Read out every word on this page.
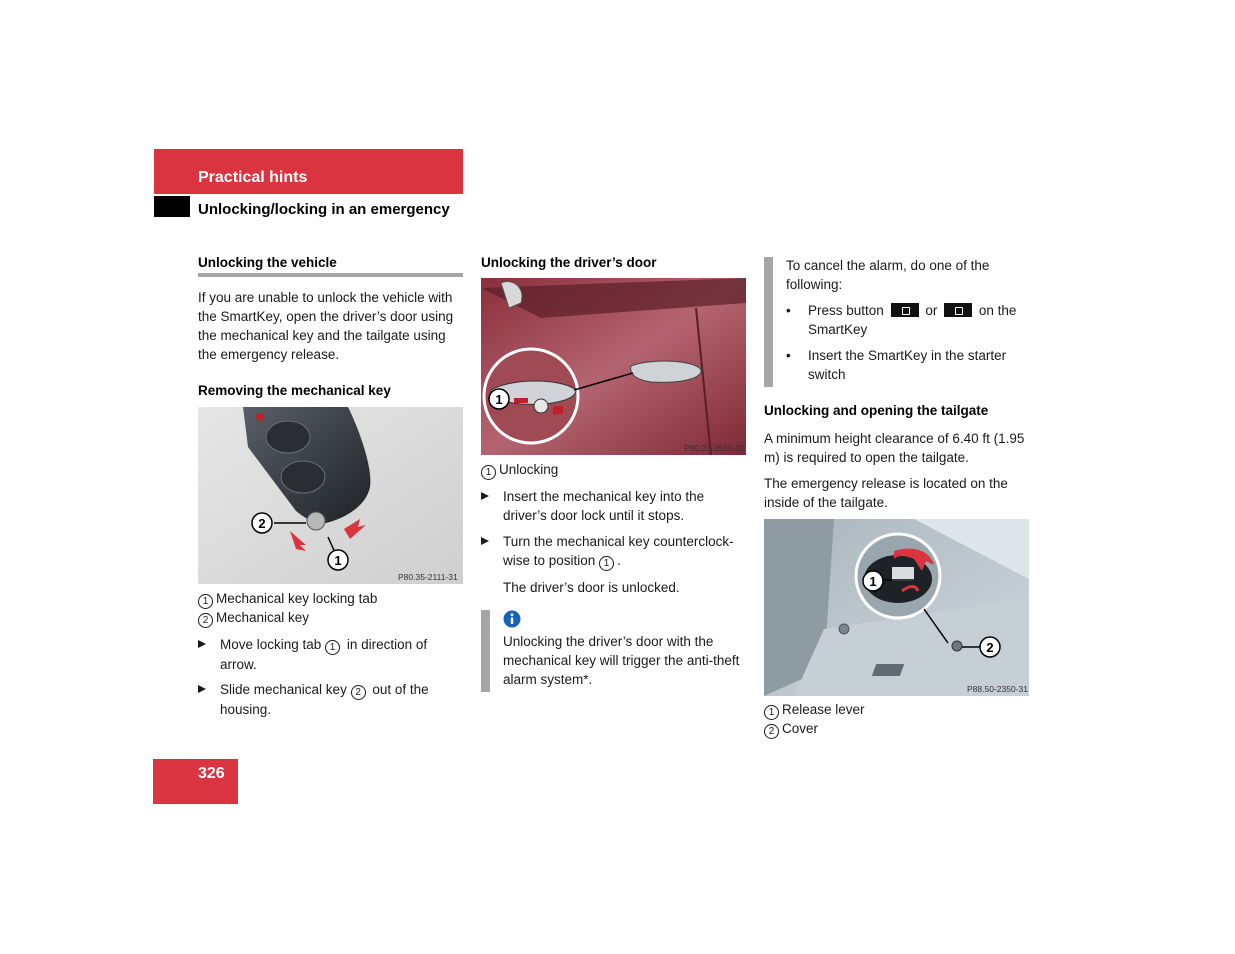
Practical hints
Unlocking/locking in an emergency
Unlocking the vehicle
If you are unable to unlock the vehicle with the SmartKey, open the driver’s door using the mechanical key and the tailgate using the emergency release.
Removing the mechanical key
2
1
P80.35-2111-31
1 Mechanical key locking tab
2 Mechanical key
Move locking tab 1 in direction of arrow.
Slide mechanical key 2 out of the housing.
Unlocking the driver’s door
1
P80.20-2615-31
1 Unlocking
Insert the mechanical key into the driver’s door lock until it stops.
Turn the mechanical key counterclock-wise to position 1 .
The driver’s door is unlocked.
Unlocking the driver’s door with the mechanical key will trigger the anti-theft alarm system*.
To cancel the alarm, do one of the following:
• Press button	or	on the SmartKey
• Insert the SmartKey in the starter switch
Unlocking and opening the tailgate
A minimum height clearance of 6.40 ft (1.95 m) is required to open the tailgate.
The emergency release is located on the inside of the tailgate.
1
2
P88.50-2350-31
1 Release lever
2 Cover
326
